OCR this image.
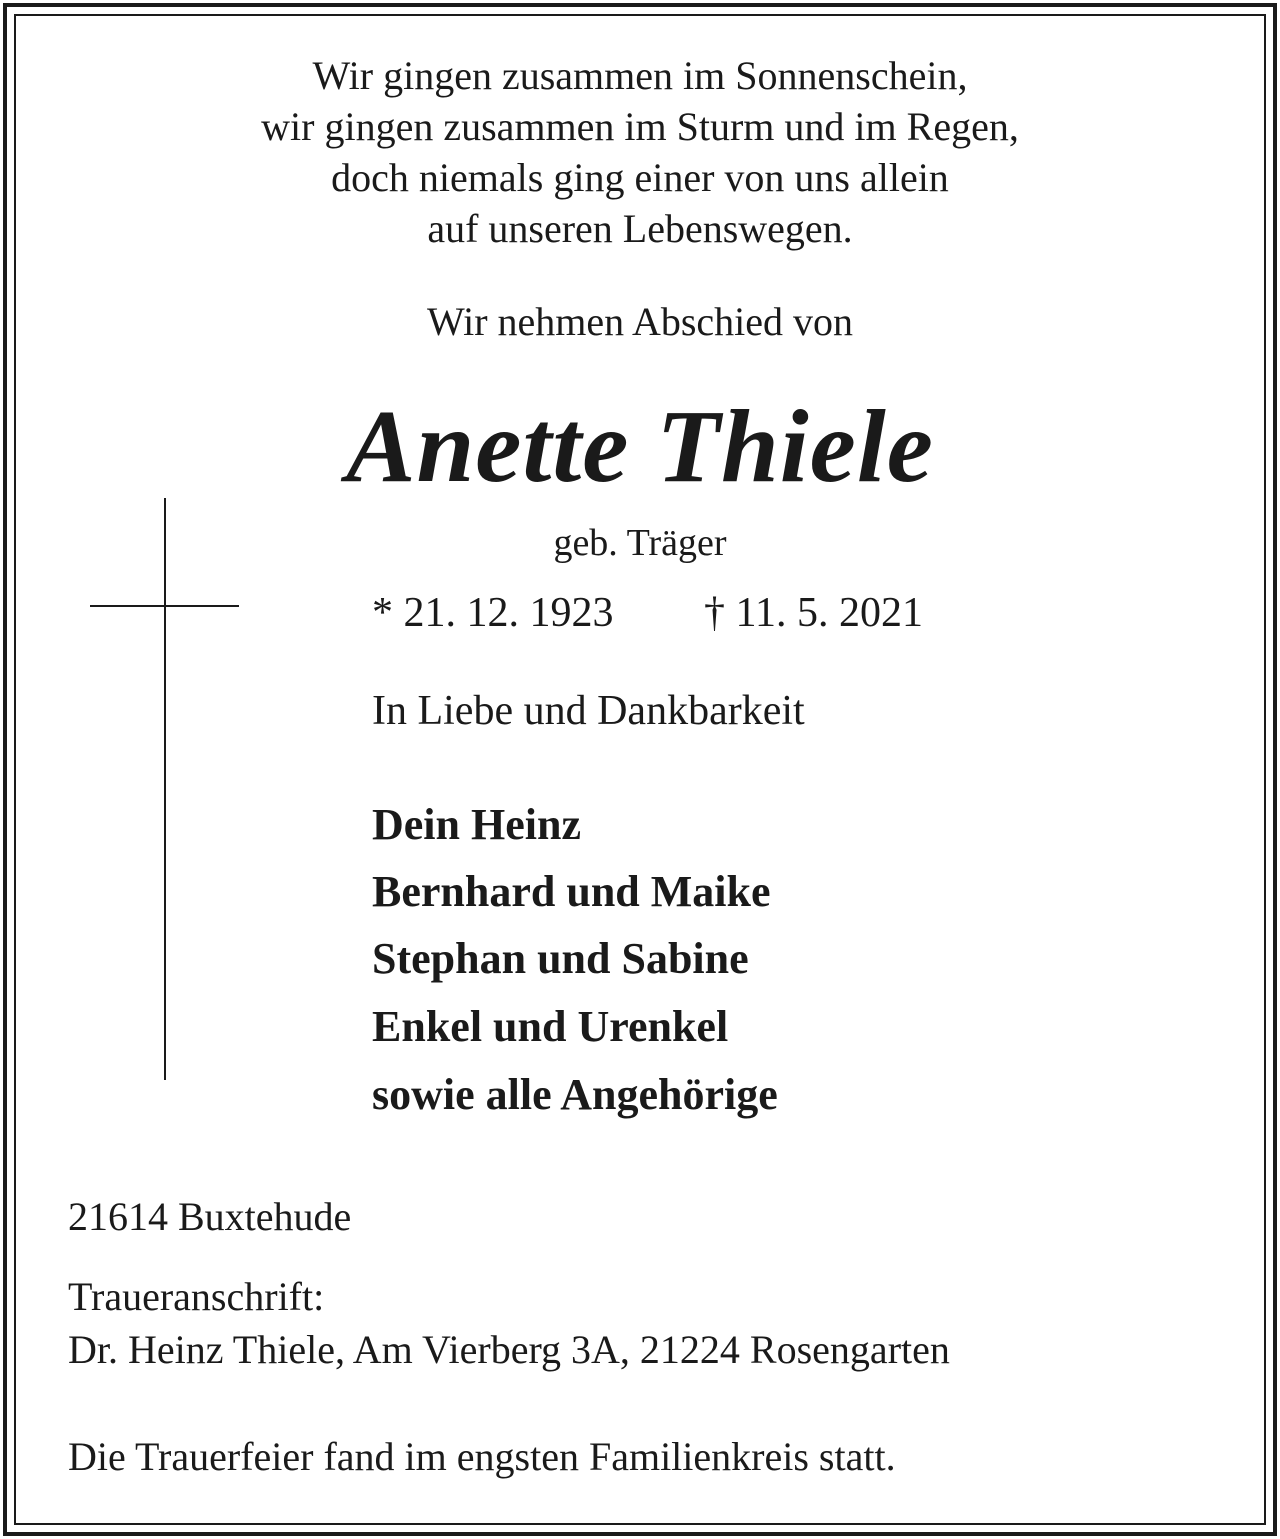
Wir gingen zusammen im Sonnenschein,
wir gingen zusammen im Sturm und im Regen,
doch niemals ging einer von uns allein
auf unseren Lebenswegen.
Wir nehmen Abschied von
Anette Thiele
geb. Träger
* 21. 12. 1923 † 11. 5. 2021
In Liebe und Dankbarkeit
Dein Heinz
Bernhard und Maike
Stephan und Sabine
Enkel und Urenkel
sowie alle Angehörige
21614 Buxtehude
Traueranschrift:
Dr. Heinz Thiele, Am Vierberg 3A, 21224 Rosengarten
Die Trauerfeier fand im engsten Familienkreis statt.
